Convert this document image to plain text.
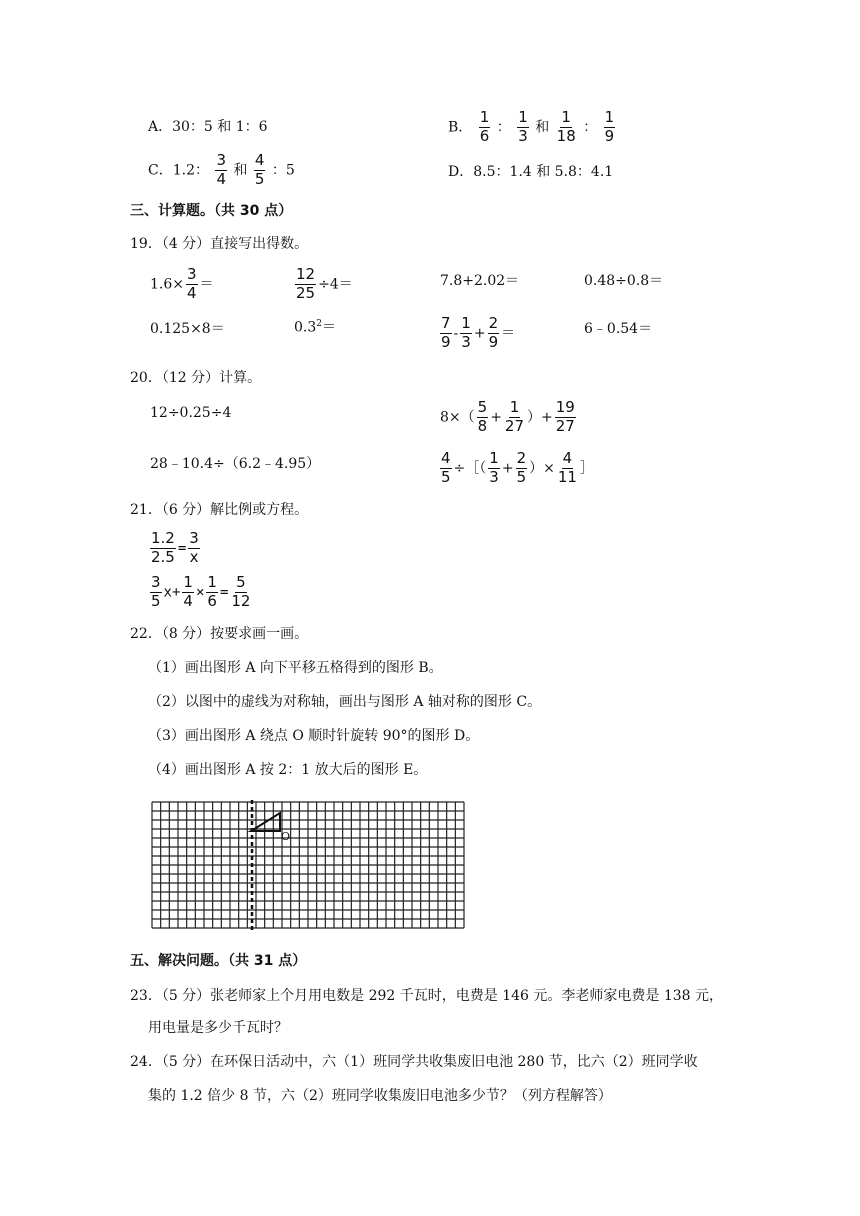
A．30：5 和 1：6	B． $\frac{1}{6}$ ： $\frac{1}{3}$ 和 $\frac{1}{18}$ ： $\frac{1}{9}$
C．1.2： $\frac{3}{4}$ 和 $\frac{4}{5}$ ：5	D．8.5：1.4 和 5.8：4.1
三、计算题。（共 30 点）
19．（4 分）直接写出得数。
$1.6\times \frac{3}{4}$ ＝	$\frac{12}{25} \div 4=$	7.8+2.02＝	0.48÷0.8＝
0.125×8＝	$0.3^2=$	$\frac{7}{9} - \frac{1}{3} + \frac{2}{9}$ ＝	6﹣0.54＝
20．（12 分）计算。
12÷0.25÷4	$8\times( \frac{5}{8} + \frac{1}{27}$ ）+ $\frac{19}{27}$
28﹣10.4÷（6.2﹣4.95）	$\frac{4}{5}$ ÷［（ $\frac{1}{3} + \frac{2}{5}$ ）× $\frac{4}{11}$ ］
21．（6 分）解比例或方程。
$\frac{1.2}{2.5} = \frac{3}{x}$
$\frac{3}{5} x+ \frac{1}{4} \times \frac{1}{6} = \frac{5}{12}$
22．（8 分）按要求画一画。
（1）画出图形 A 向下平移五格得到的图形 B。
（2）以图中的虚线为对称轴，画出与图形 A 轴对称的图形 C。
（3）画出图形 A 绕点 O 顺时针旋转 90°的图形 D。
（4）画出图形 A 按 2：1 放大后的图形 E。
O
五、解决问题。（共 31 点）
23．（5 分）张老师家上个月用电数是 292 千瓦时，电费是 146 元。李老师家电费是 138 元，
用电量是多少千瓦时？
24．（5 分）在环保日活动中，六（1）班同学共收集废旧电池 280 节，比六（2）班同学收
集的 1.2 倍少 8 节，六（2）班同学收集废旧电池多少节？（列方程解答）
